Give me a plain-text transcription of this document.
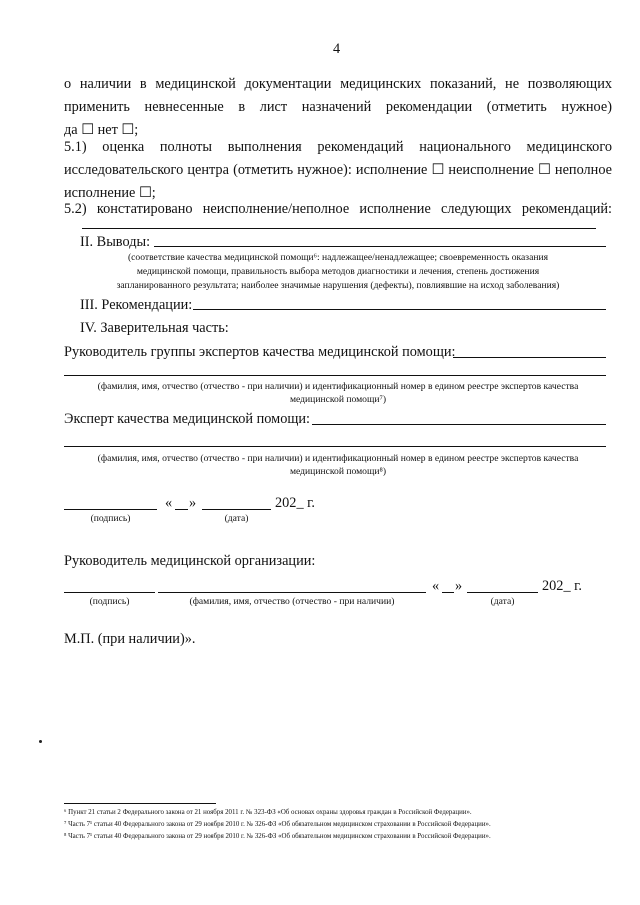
4
о наличии в медицинской документации медицинских показаний, не позволяющих
применить невнесенные в лист назначений рекомендации (отметить нужное)
да ☐ нет ☐;
5.1) оценка полноты выполнения рекомендаций национального медицинского
исследовательского центра (отметить нужное): исполнение ☐ неисполнение ☐ неполное
исполнение ☐;
5.2) констатировано неисполнение/неполное исполнение следующих рекомендаций:
II. Выводы:
(соответствие качества медицинской помощи⁶: надлежащее/ненадлежащее; своевременность оказания
медицинской помощи, правильность выбора методов диагностики и лечения, степень достижения
запланированного результата; наиболее значимые нарушения (дефекты), повлиявшие на исход заболевания)
III. Рекомендации:
IV. Заверительная часть:
Руководитель группы экспертов качества медицинской помощи:
(фамилия, имя, отчество (отчество - при наличии) и идентификационный номер в едином реестре экспертов качества
медицинской помощи⁷)
Эксперт качества медицинской помощи:
(фамилия, имя, отчество (отчество - при наличии) и идентификационный номер в едином реестре экспертов качества
медицинской помощи⁸)
« »	202_ г.
(подпись)	(дата)
Руководитель медицинской организации:
« »	202_ г.
(подпись)	(фамилия, имя, отчество (отчество - при наличии)	(дата)
М.П. (при наличии)».
⁶ Пункт 21 статьи 2 Федерального закона от 21 ноября 2011 г. № 323-ФЗ «Об основах охраны здоровья граждан в Российской Федерации».
⁷ Часть 7¹ статьи 40 Федерального закона от 29 ноября 2010 г. № 326-ФЗ «Об обязательном медицинском страховании в Российской Федерации».
⁸ Часть 7¹ статьи 40 Федерального закона от 29 ноября 2010 г. № 326-ФЗ «Об обязательном медицинском страховании в Российской Федерации».
